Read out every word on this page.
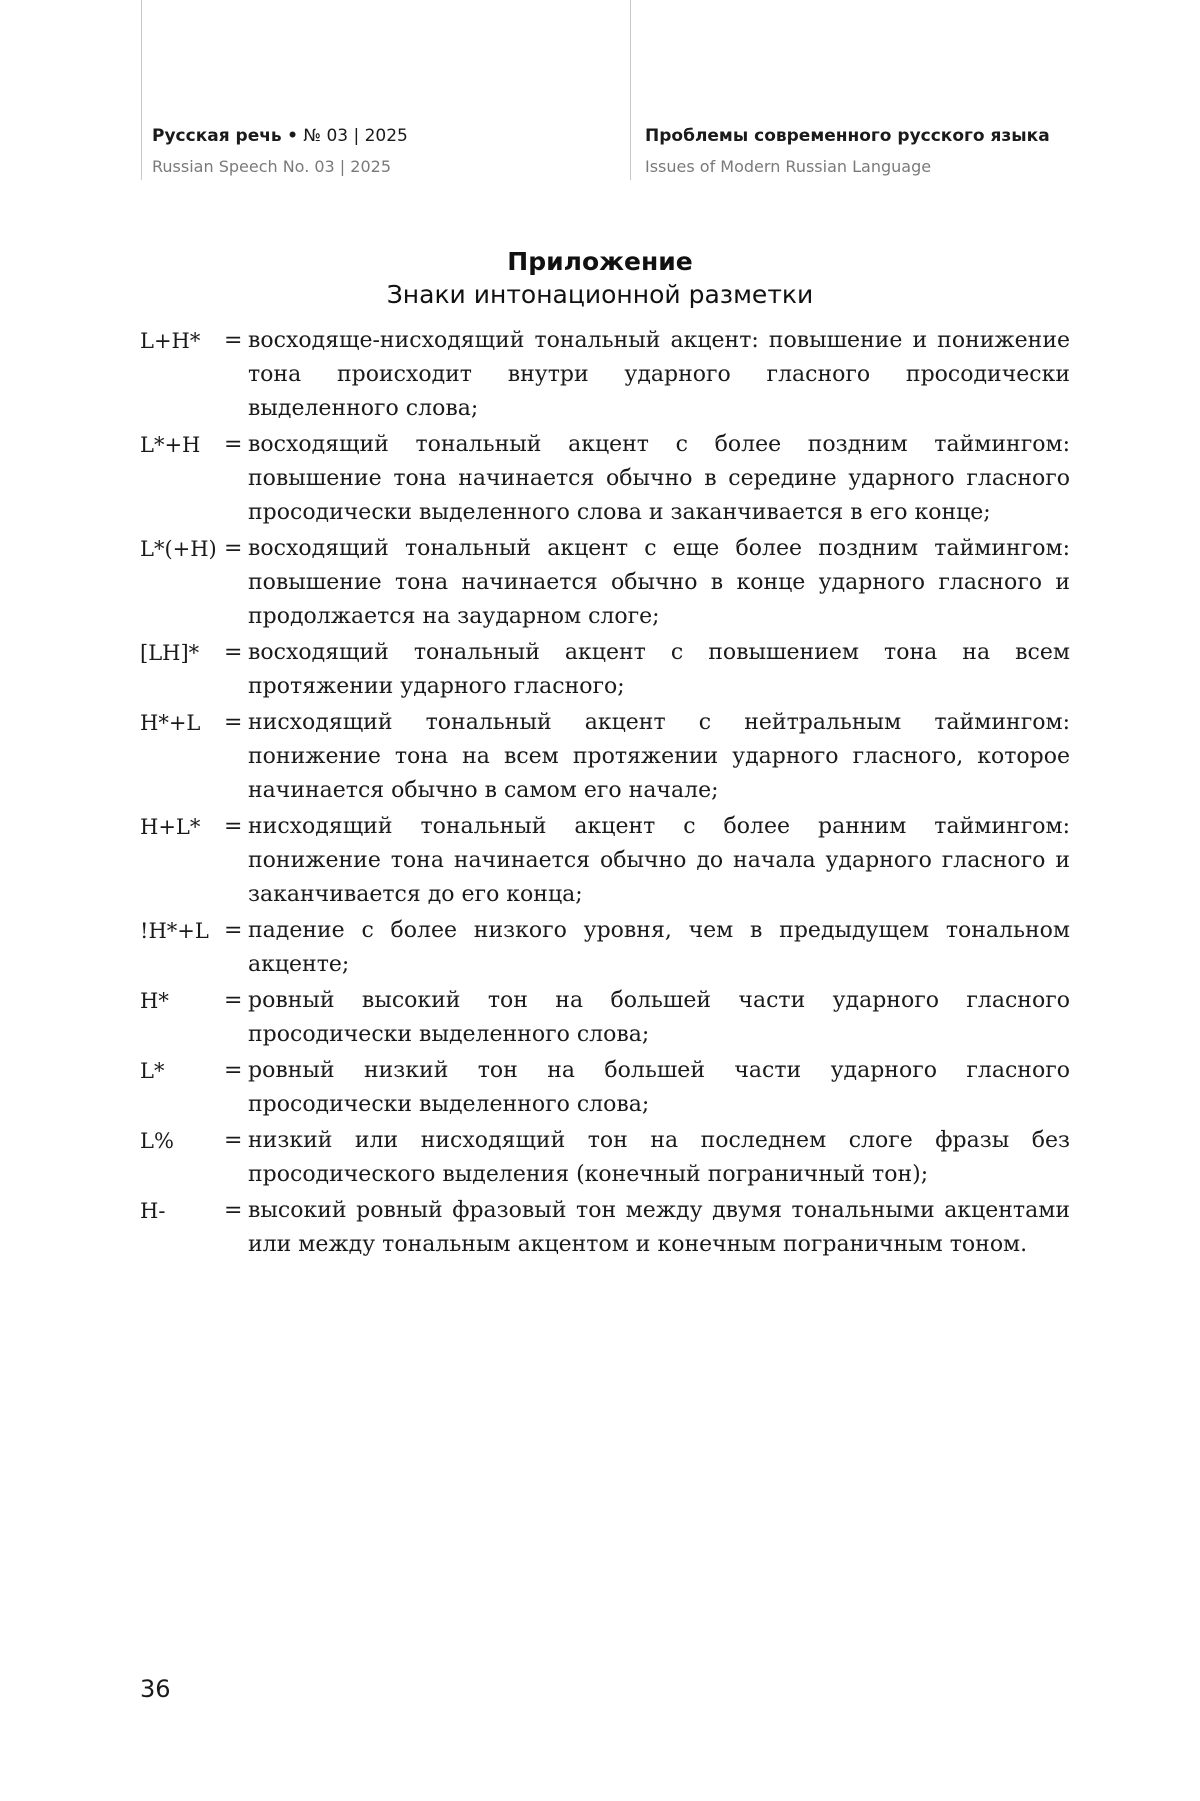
Русская речь • № 03 | 2025
Russian Speech No. 03 | 2025
Проблемы современного русского языка
Issues of Modern Russian Language
Приложение
Знаки интонационной разметки
L+H*	= восходяще-нисходящий тональный акцент: повышение и понижение тона происходит внутри ударного гласного просодически выделенного слова;
L*+H	= восходящий тональный акцент с более поздним таймингом: повышение тона начинается обычно в середине ударного гласного просодически выделенного слова и заканчивается в его конце;
L*(+H) = восходящий тональный акцент с еще более поздним таймингом: повышение тона начинается обычно в конце ударного гласного и продолжается на заударном слоге;
[LH]*	= восходящий тональный акцент с повышением тона на всем протяжении ударного гласного;
H*+L	= нисходящий тональный акцент с нейтральным таймингом: понижение тона на всем протяжении ударного гласного, которое начинается обычно в самом его начале;
H+L*	= нисходящий тональный акцент с более ранним таймингом: понижение тона начинается обычно до начала ударного гласного и заканчивается до его конца;
!H*+L = падение с более низкого уровня, чем в предыдущем тональном акценте;
H*	= ровный высокий тон на большей части ударного гласного просодически выделенного слова;
L*	= ровный низкий тон на большей части ударного гласного просодически выделенного слова;
L%	= низкий или нисходящий тон на последнем слоге фразы без просодического выделения (конечный пограничный тон);
H-	= высокий ровный фразовый тон между двумя тональными акцентами или между тональным акцентом и конечным пограничным тоном.
36
